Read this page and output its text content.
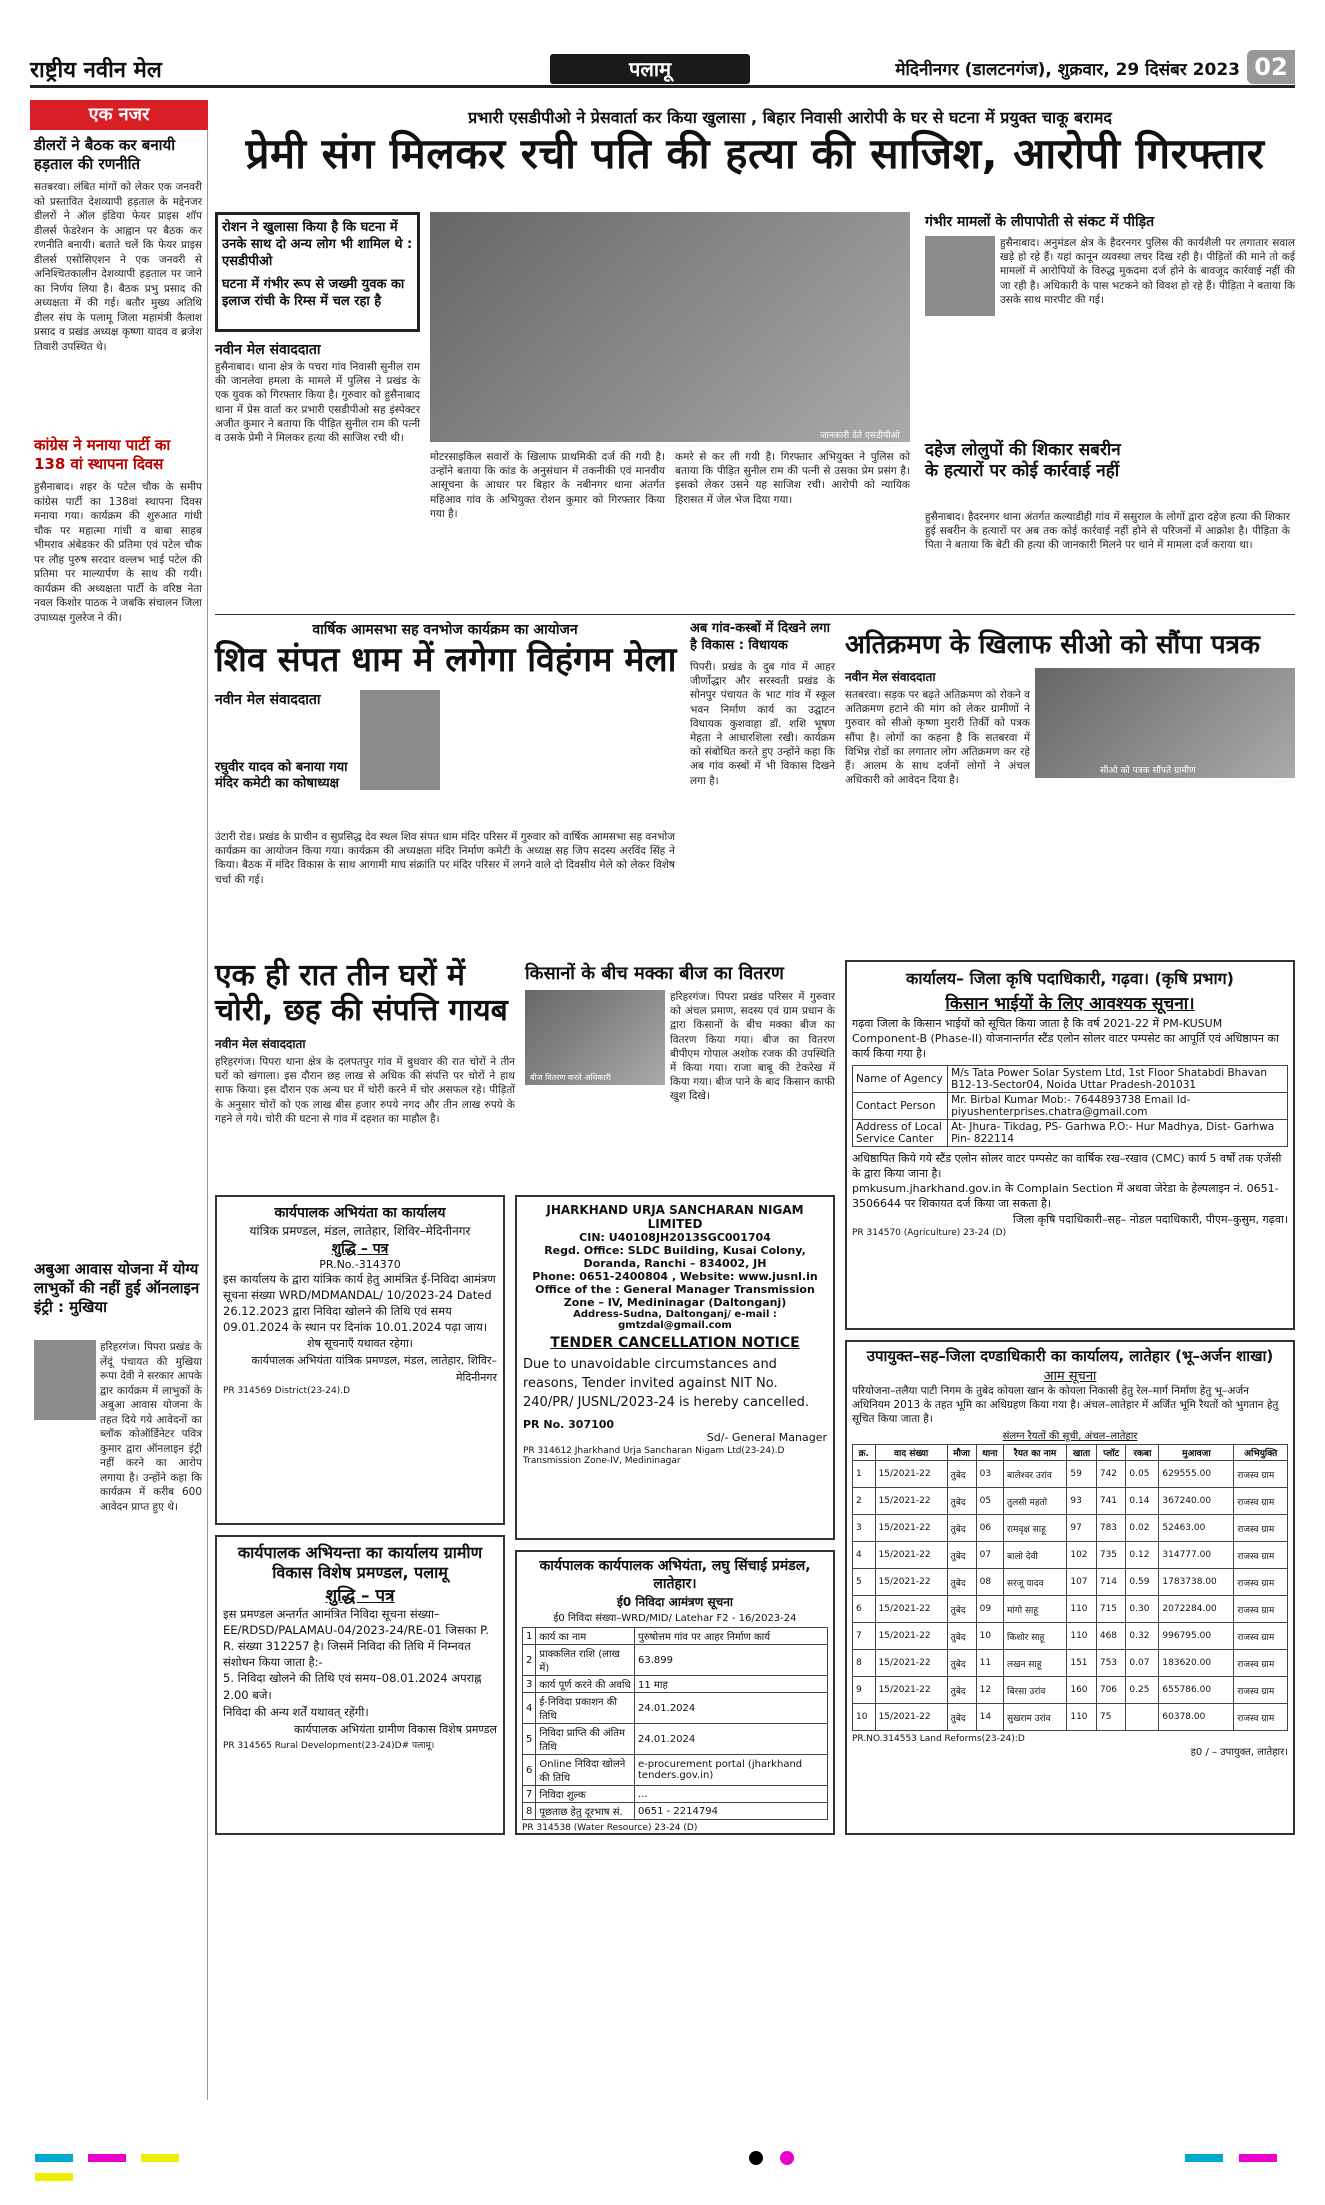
राष्ट्रीय नवीन मेल	पलामू	मेदिनीनगर (डालटनगंज), शुक्रवार, 29 दिसंबर 2023 02
एक नजर
डीलरों ने बैठक कर बनायी हड़ताल की रणनीति
सतबरवा। लंबित मांगों को लेकर एक जनवरी को प्रस्तावित देशव्यापी हड़ताल के मद्देनजर डीलरों ने ऑल इंडिया फेयर प्राइस शॉप डीलर्स फेडरेशन के आह्वान पर बैठक कर रणनीति बनायी। बताते चलें कि फेयर प्राइस डीलर्स एसोसिएशन ने एक जनवरी से अनिश्चितकालीन देशव्यापी हड़ताल पर जाने का निर्णय लिया है। बैठक प्रभु प्रसाद की अध्यक्षता में की गई। बतौर मुख्य अतिथि डीलर संघ के पलामू जिला महामंत्री कैलाश प्रसाद व प्रखंड अध्यक्ष कृष्णा यादव व ब्रजेश तिवारी उपस्थित थे।
कांग्रेस ने मनाया पार्टी का 138 वां स्थापना दिवस
हुसैनाबाद। शहर के पटेल चौक के समीप कांग्रेस पार्टी का 138वां स्थापना दिवस मनाया गया। कार्यक्रम की शुरुआत गांधी चौक पर महात्मा गांधी व बाबा साहब भीमराव अंबेडकर की प्रतिमा एवं पटेल चौक पर लौह पुरुष सरदार वल्लभ भाई पटेल की प्रतिमा पर माल्यार्पण के साथ की गयी। कार्यक्रम की अध्यक्षता पार्टी के वरिष्ठ नेता नवल किशोर पाठक ने जबकि संचालन जिला उपाध्यक्ष गुलरेज ने की।
अबुआ आवास योजना में योग्य लाभुकों की नहीं हुई ऑनलाइन इंट्री : मुखिया
हरिहरगंज। पिपरा प्रखंड के लेंदूं पंचायत की मुखिया रूपा देवी ने सरकार आपके द्वार कार्यक्रम में लाभुकों के अबुआ आवास योजना के तहत दिये गये आवेदनों का ब्लॉक कोऑर्डिनेटर पवित्र कुमार द्वारा ऑनलाइन इंट्री नहीं करने का आरोप लगाया है। उन्होंने कहा कि कार्यक्रम में करीब 600 आवेदन प्राप्त हुए थे।
प्रभारी एसडीपीओ ने प्रेसवार्ता कर किया खुलासा , बिहार निवासी आरोपी के घर से घटना में प्रयुक्त चाकू बरामद
प्रेमी संग मिलकर रची पति की हत्या की साजिश, आरोपी गिरफ्तार
रोशन ने खुलासा किया है कि घटना में उनके साथ दो अन्य लोग भी शामिल थे : एसडीपीओ
घटना में गंभीर रूप से जख्मी युवक का इलाज रांची के रिम्स में चल रहा है
जानकारी देते एसडीपीओ
नवीन मेल संवाददाता
हुसैनाबाद। थाना क्षेत्र के पचरा गांव निवासी सुनील राम की जानलेवा हमला के मामले में पुलिस ने प्रखंड के एक युवक को गिरफ्तार किया है। गुरुवार को हुसैनाबाद थाना में प्रेस वार्ता कर प्रभारी एसडीपीओ सह इंस्पेक्टर अजीत कुमार ने बताया कि पीड़ित सुनील राम की पत्नी व उसके प्रेमी ने मिलकर हत्या की साजिश रची थी।
मोटरसाइकिल सवारों के खिलाफ प्राथमिकी दर्ज की गयी है। उन्होंने बताया कि कांड के अनुसंधान में तकनीकी एवं मानवीय आसूचना के आधार पर बिहार के नबीनगर थाना अंतर्गत महिआव गांव के अभियुक्त रोशन कुमार को गिरफ्तार किया गया है।
कमरे से कर ली गयी है। गिरफ्तार अभियुक्त ने पुलिस को बताया कि पीड़ित सुनील राम की पत्नी से उसका प्रेम प्रसंग है। इसको लेकर उसने यह साजिश रची। आरोपी को न्यायिक हिरासत में जेल भेज दिया गया।
गंभीर मामलों के लीपापोती से संकट में पीड़ित
हुसैनाबाद। अनुमंडल क्षेत्र के हैदरनगर पुलिस की कार्यशैली पर लगातार सवाल खड़े हो रहे हैं। यहां कानून व्यवस्था लचर दिख रही है। पीड़ितों की माने तो कई मामलों में आरोपियों के विरुद्ध मुकदमा दर्ज होने के बावजूद कार्रवाई नहीं की जा रही है। अधिकारी के पास भटकने को विवश हो रहे हैं। पीड़िता ने बताया कि उसके साथ मारपीट की गई।
दहेज लोलुपों की शिकार सबरीन के हत्यारों पर कोई कार्रवाई नहीं
हुसैनाबाद। हैदरनगर थाना अंतर्गत कल्याडीही गांव में ससुराल के लोगों द्वारा दहेज हत्या की शिकार हुई सबरीन के हत्यारों पर अब तक कोई कार्रवाई नहीं होने से परिजनों में आक्रोश है। पीड़िता के पिता ने बताया कि बेटी की हत्या की जानकारी मिलने पर थाने में मामला दर्ज कराया था।
वार्षिक आमसभा सह वनभोज कार्यक्रम का आयोजन
शिव संपत धाम में लगेगा विहंगम मेला
नवीन मेल संवाददाता
रघुवीर यादव को बनाया गया मंदिर कमेटी का कोषाध्यक्ष
उंटारी रोड। प्रखंड के प्राचीन व सुप्रसिद्ध देव स्थल शिव संपत धाम मंदिर परिसर में गुरुवार को वार्षिक आमसभा सह वनभोज कार्यक्रम का आयोजन किया गया। कार्यक्रम की अध्यक्षता मंदिर निर्माण कमेटी के अध्यक्ष सह जिप सदस्य अरविंद सिंह ने किया। बैठक में मंदिर विकास के साथ आगामी माघ संक्रांति पर मंदिर परिसर में लगने वाले दो दिवसीय मेले को लेकर विशेष चर्चा की गई।
अब गांव-कस्बों में दिखने लगा है विकास : विधायक
पिपरी। प्रखंड के दुब गांव में आहर जीर्णोद्धार और सरस्वती प्रखंड के सोनपुर पंचायत के भाट गांव में स्कूल भवन निर्माण कार्य का उद्घाटन विधायक कुशवाहा डॉ. शशि भूषण मेहता ने आधारशिला रखी। कार्यक्रम को संबोधित करते हुए उन्होंने कहा कि अब गांव कस्बों में भी विकास दिखने लगा है।
अतिक्रमण के खिलाफ सीओ को सौंपा पत्रक
नवीन मेल संवाददाता
सीओ को पत्रक सौंपते ग्रामीण
सतबरवा। सड़क पर बढ़ते अतिक्रमण को रोकने व अतिक्रमण हटाने की मांग को लेकर ग्रामीणों ने गुरुवार को सीओ कृष्णा मुरारी तिर्की को पत्रक सौंपा है। लोगों का कहना है कि सतबरवा में विभिन्न रोडों का लगातार लोग अतिक्रमण कर रहे हैं। आलम के साथ दर्जनों लोगों ने अंचल अधिकारी को आवेदन दिया है।
एक ही रात तीन घरों में चोरी, छह की संपत्ति गायब
नवीन मेल संवाददाता
हरिहरगंज। पिपरा थाना क्षेत्र के दलपतपुर गांव में बुधवार की रात चोरों ने तीन घरों को खंगाला। इस दौरान छह लाख से अधिक की संपत्ति पर चोरों ने हाथ साफ किया। इस दौरान एक अन्य घर में चोरी करने में चोर असफल रहे। पीड़ितों के अनुसार चोरों को एक लाख बीस हजार रुपये नगद और तीन लाख रुपये के गहने ले गये। चोरी की घटना से गांव में दहशत का माहौल है।
किसानों के बीच मक्का बीज का वितरण
बीज वितरण करते अधिकारी
हरिहरगंज। पिपरा प्रखंड परिसर में गुरुवार को अंचल प्रमाण, सदस्य एवं ग्राम प्रधान के द्वारा किसानों के बीच मक्का बीज का वितरण किया गया। बीज का वितरण बीपीएम गोपाल अशोक रजक की उपस्थिति में किया गया। राजा बाबू की टेकरेख में किया गया। बीज पाने के बाद किसान काफी खुश दिखे।
JHARKHAND URJA SANCHARAN NIGAM LIMITED
CIN: U40108JH2013SGC001704
Regd. Office: SLDC Building, Kusai Colony, Doranda, Ranchi – 834002, JH
Phone: 0651-2400804 , Website: www.jusnl.in
Office of the : General Manager Transmission Zone – IV, Medininagar (Daltonganj)
Address-Sudna, Daltonganj/ e-mail : gmtzdal@gmail.com
TENDER CANCELLATION NOTICE
Due to unavoidable circumstances and reasons, Tender invited against NIT No. 240/PR/ JUSNL/2023-24 is hereby cancelled.
PR No. 307100
Sd/- General Manager
PR 314612 Jharkhand Urja Sancharan Nigam Ltd(23-24).D Transmission Zone-IV, Medininagar
कार्यपालक अभियंता का कार्यालय
यांत्रिक प्रमण्डल, मंडल, लातेहार, शिविर–मेदिनीनगर
शुद्धि – पत्र
PR.No.-314370
इस कार्यालय के द्वारा यांत्रिक कार्य हेतु आमंत्रित ई-निविदा आमंत्रण सूचना संख्या WRD/MDMANDAL/ 10/2023-24 Dated 26.12.2023 द्वारा निविदा खोलने की तिथि एवं समय 09.01.2024 के स्थान पर दिनांक 10.01.2024 पढ़ा जाय।
शेष सूचनाएँ यथावत रहेगा।
कार्यपालक अभियंता यांत्रिक प्रमण्डल, मंडल, लातेहार, शिविर–मेदिनीनगर
PR 314569 District(23-24).D
कार्यपालक अभियन्ता का कार्यालय ग्रामीण विकास विशेष प्रमण्डल, पलामू
शुद्धि – पत्र
इस प्रमण्डल अन्तर्गत आमंत्रित निविदा सूचना संख्या–EE/RDSD/PALAMAU-04/2023-24/RE-01 जिसका P. R. संख्या 312257 है। जिसमें निविदा की तिथि में निम्नवत संशोधन किया जाता है:-
5. निविदा खोलने की तिथि एवं समय–08.01.2024 अपराह्न 2.00 बजे।
निविदा की अन्य शर्तें यथावत् रहेंगी।
कार्यपालक अभियंता ग्रामीण विकास विशेष प्रमण्डल
PR 314565 Rural Development(23-24)D# पलामू।
कार्यपालक कार्यपालक अभियंता, लघु सिंचाई प्रमंडल, लातेहार।
ई0 निविदा आमंत्रण सूचना
ई0 निविदा संख्या–WRD/MID/ Latehar F2 - 16/2023-24
1	कार्य का नाम	पुरुषोत्तम गांव पर आहर निर्माण कार्य
2	प्राक्कलित राशि (लाख में)	63.899
3	कार्य पूर्ण करने की अवधि	11 माह
4	ई-निविदा प्रकाशन की तिथि	24.01.2024
5	निविदा प्राप्ति की अंतिम तिथि	24.01.2024
6	Online निविदा खोलने की तिथि	e-procurement portal (jharkhand tenders.gov.in)
7	निविदा शुल्क	...
8	पूछताछ हेतु दूरभाष सं.	0651 - 2214794
PR 314538 (Water Resource) 23-24 (D)
कार्यालय– जिला कृषि पदाधिकारी, गढ़वा। (कृषि प्रभाग)
किसान भाईयों के लिए आवश्यक सूचना।
गढ़वा जिला के किसान भाईयों को सूचित किया जाता है कि वर्ष 2021-22 में PM-KUSUM Component-B (Phase-II) योजनान्तर्गत स्टैंड एलोन सोलर वाटर पम्पसेट का आपूर्ति एवं अधिष्ठापन का कार्य किया गया है।
Name of Agency	M/s Tata Power Solar System Ltd, 1st Floor Shatabdi Bhavan B12-13-Sector04, Noida Uttar Pradesh-201031
Contact Person	Mr. Birbal Kumar Mob:- 7644893738 Email Id- piyushenterprises.chatra@gmail.com
Address of Local Service Canter	At- Jhura- Tikdag, PS- Garhwa P.O:- Hur Madhya, Dist- Garhwa Pin- 822114
अधिष्ठापित किये गये स्टैंड एलोन सोलर वाटर पम्पसेट का वार्षिक रख–रखाव (CMC) कार्य 5 वर्षों तक एजेंसी के द्वारा किया जाना है।
pmkusum.jharkhand.gov.in के Complain Section में अथवा जेरेडा के हेल्पलाइन नं. 0651-3506644 पर शिकायत दर्ज किया जा सकता है।
जिला कृषि पदाधिकारी–सह– नोडल पदाधिकारी, पीएम–कुसुम, गढ़वा।
PR 314570 (Agriculture) 23-24 (D)
उपायुक्त–सह–जिला दण्डाधिकारी का कार्यालय, लातेहार (भू–अर्जन शाखा)
आम सूचना
परियोजना–तलैया पाटी निगम के तुबेद कोयला खान के कोयला निकासी हेतु रेल–मार्ग निर्माण हेतु भू–अर्जन अधिनियम 2013 के तहत भूमि का अधिग्रहण किया गया है। अंचल–लातेहार में अर्जित भूमि रैयतों को भुगतान हेतु सूचित किया जाता है।
संलग्न रैयतों की सूची, अंचल–लातेहार
क्र.	वाद संख्या	मौजा	थाना	रैयत का नाम	खाता	प्लॉट	रकबा	मुआवजा	अभियुक्ति
1	15/2021-22	तुबेद	03	बालेश्वर उरांव	59	742	0.05	629555.00	राजस्व ग्राम
2	15/2021-22	तुबेद	05	तुलसी महतो	93	741	0.14	367240.00	राजस्व ग्राम
3	15/2021-22	तुबेद	06	रामवृक्ष साहू	97	783	0.02	52463.00	राजस्व ग्राम
4	15/2021-22	तुबेद	07	बालो देवी	102	735	0.12	314777.00	राजस्व ग्राम
5	15/2021-22	तुबेद	08	सरजू यादव	107	714	0.59	1783738.00	राजस्व ग्राम
6	15/2021-22	तुबेद	09	मांगो साहू	110	715	0.30	2072284.00	राजस्व ग्राम
7	15/2021-22	तुबेद	10	किशोर साहू	110	468	0.32	996795.00	राजस्व ग्राम
8	15/2021-22	तुबेद	11	लखन साहू	151	753	0.07	183620.00	राजस्व ग्राम
9	15/2021-22	तुबेद	12	बिरसा उरांव	160	706	0.25	655786.00	राजस्व ग्राम
10	15/2021-22	तुबेद	14	सुखराम उरांव	110	75		60378.00	राजस्व ग्राम
PR.NO.314553 Land Reforms(23-24):D
ह0 / – उपायुक्त, लातेहार।
